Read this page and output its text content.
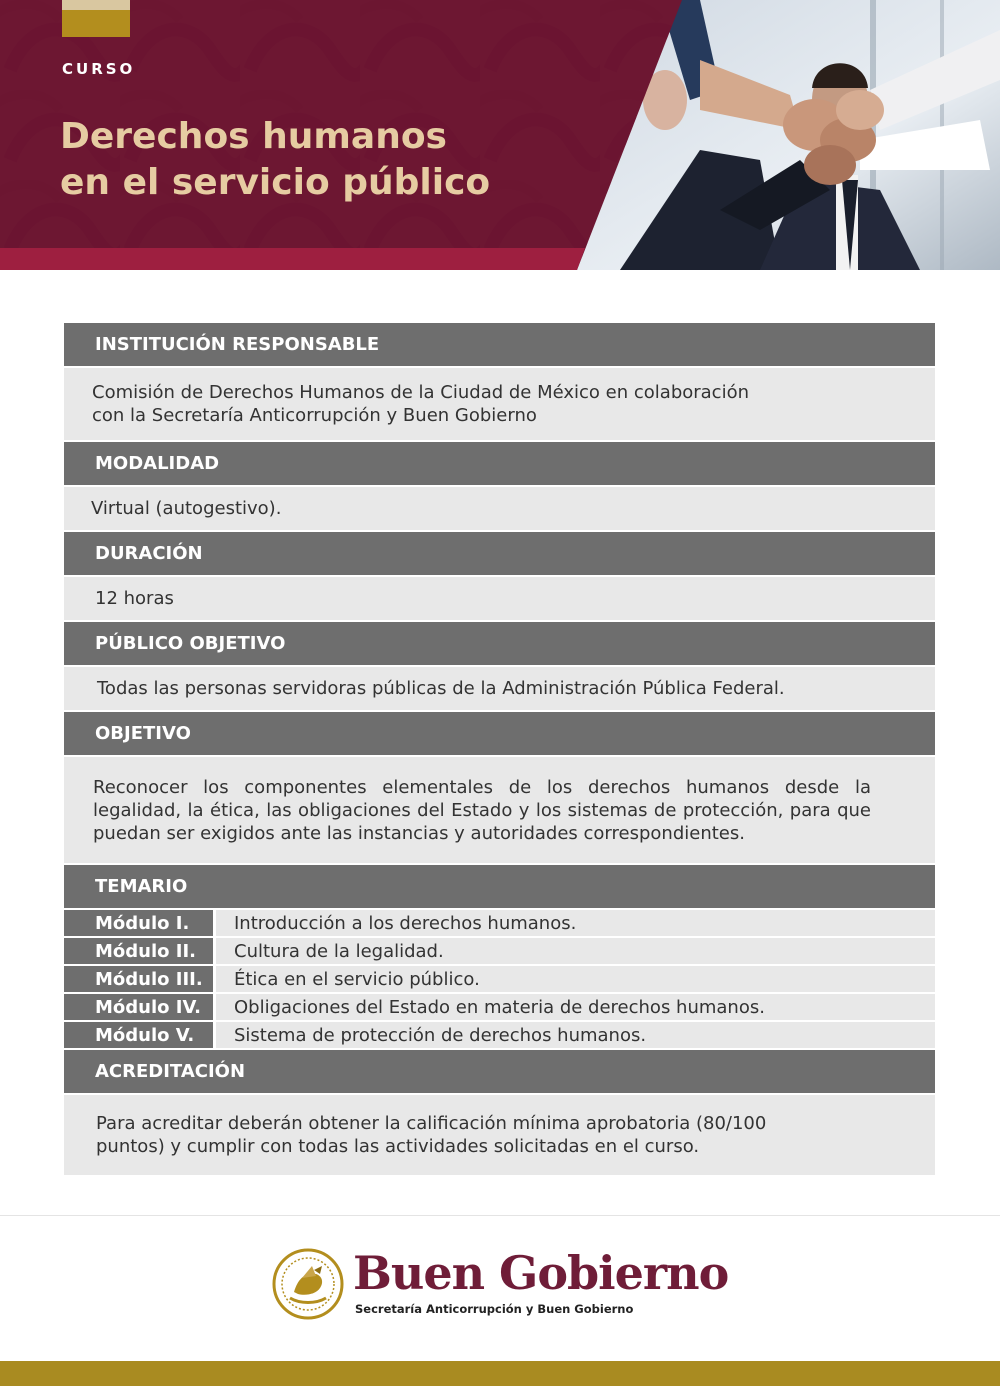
CURSO
Derechos humanos
en el servicio público
INSTITUCIÓN RESPONSABLE
Comisión de Derechos Humanos de la Ciudad de México en colaboración
con la Secretaría Anticorrupción y Buen Gobierno
MODALIDAD
Virtual (autogestivo).
DURACIÓN
12 horas
PÚBLICO OBJETIVO
Todas las personas servidoras públicas de la Administración Pública Federal.
OBJETIVO
Reconocer los componentes elementales de los derechos humanos desde la legalidad, la ética, las obligaciones del Estado y los sistemas de protección, para que puedan ser exigidos ante las instancias y autoridades correspondientes.
TEMARIO
Módulo I.	Introducción a los derechos humanos.
Módulo II.	Cultura de la legalidad.
Módulo III.	Ética en el servicio público.
Módulo IV.	Obligaciones del Estado en materia de derechos humanos.
Módulo V.	Sistema de protección de derechos humanos.
ACREDITACIÓN
Para acreditar deberán obtener la calificación mínima aprobatoria (80/100
puntos) y cumplir con todas las actividades solicitadas en el curso.
Buen Gobierno
Secretaría Anticorrupción y Buen Gobierno
